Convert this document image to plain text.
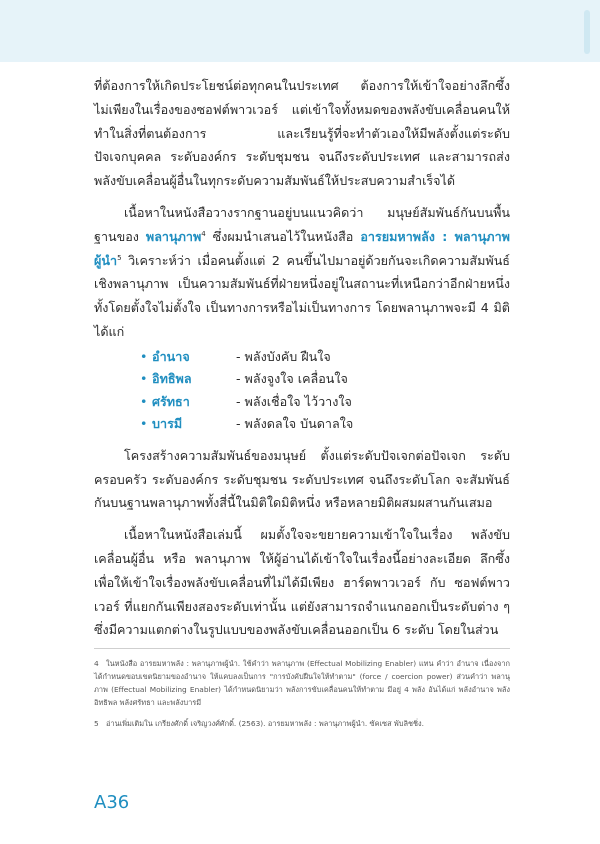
ที่ต้องการให้เกิดประโยชน์ต่อทุกคนในประเทศ ต้องการให้เข้าใจอย่างลึกซึ้ง ไม่เพียงในเรื่องของซอฟต์พาวเวอร์ แต่เข้าใจทั้งหมดของพลังขับเคลื่อนคนให้ทำในสิ่งที่ตนต้องการ และเรียนรู้ที่จะทำตัวเองให้มีพลังตั้งแต่ระดับปัจเจกบุคคล ระดับองค์กร ระดับชุมชน จนถึงระดับประเทศ และสามารถส่งพลังขับเคลื่อนผู้อื่นในทุกระดับความสัมพันธ์ให้ประสบความสำเร็จได้

เนื้อหาในหนังสือวางรากฐานอยู่บนแนวคิดว่า มนุษย์สัมพันธ์กันบนพื้นฐานของ พลานุภาพ$^4$ ซึ่งผมนำเสนอไว้ในหนังสือ อารยมหาพลัง : พลานุภาพผู้นำ$^5$ วิเคราะห์ว่า เมื่อคนตั้งแต่ 2 คนขึ้นไปมาอยู่ด้วยกันจะเกิดความสัมพันธ์เชิงพลานุภาพ เป็นความสัมพันธ์ที่ฝ่ายหนึ่งอยู่ในสถานะที่เหนือกว่าอีกฝ่ายหนึ่ง ทั้งโดยตั้งใจไม่ตั้งใจ เป็นทางการหรือไม่เป็นทางการ โดยพลานุภาพจะมี 4 มิติ ได้แก่

• อำนาจ	- พลังบังคับ ฝืนใจ
• อิทธิพล	- พลังจูงใจ เคลื่อนใจ
• ศรัทธา	- พลังเชื่อใจ ไว้วางใจ
• บารมี	- พลังดลใจ บันดาลใจ

โครงสร้างความสัมพันธ์ของมนุษย์ ตั้งแต่ระดับปัจเจกต่อปัจเจก ระดับครอบครัว ระดับองค์กร ระดับชุมชน ระดับประเทศ จนถึงระดับโลก จะสัมพันธ์กันบนฐานพลานุภาพทั้งสี่นี้ในมิติใดมิติหนึ่ง หรือหลายมิติผสมผสานกันเสมอ

เนื้อหาในหนังสือเล่มนี้ ผมตั้งใจจะขยายความเข้าใจในเรื่อง พลังขับเคลื่อนผู้อื่น หรือ พลานุภาพ ให้ผู้อ่านได้เข้าใจในเรื่องนี้อย่างละเอียด ลึกซึ้ง เพื่อให้เข้าใจเรื่องพลังขับเคลื่อนที่ไม่ได้มีเพียง ฮาร์ดพาวเวอร์ กับ ซอฟต์พาวเวอร์ ที่แยกกันเพียงสองระดับเท่านั้น แต่ยังสามารถจำแนกออกเป็นระดับต่าง ๆ ซึ่งมีความแตกต่างในรูปแบบของพลังขับเคลื่อนออกเป็น 6 ระดับ โดยในส่วน

4 ในหนังสือ อารยมหาพลัง : พลานุภาพผู้นำ. ใช้คำว่า พลานุภาพ (Effectual Mobilizing Enabler) แทน คำว่า อำนาจ เนื่องจากได้กำหนดขอบเขตนิยามของอำนาจ ให้แคบลงเป็นการ "การบังคับฝืนใจให้ทำตาม" (force / coercion power) ส่วนคำว่า พลานุภาพ (Effectual Mobilizing Enabler) ได้กำหนดนิยามว่า พลังการขับเคลื่อนคนให้ทำตาม มีอยู่ 4 พลัง อันได้แก่ พลังอำนาจ พลังอิทธิพล พลังศรัทธา และพลังบารมี

5 อ่านเพิ่มเติมใน เกรียงศักดิ์ เจริญวงศ์ศักดิ์. (2563). อารยมหาพลัง : พลานุภาพผู้นำ. ซัคเซส พับลิชชิ่ง.

A36
